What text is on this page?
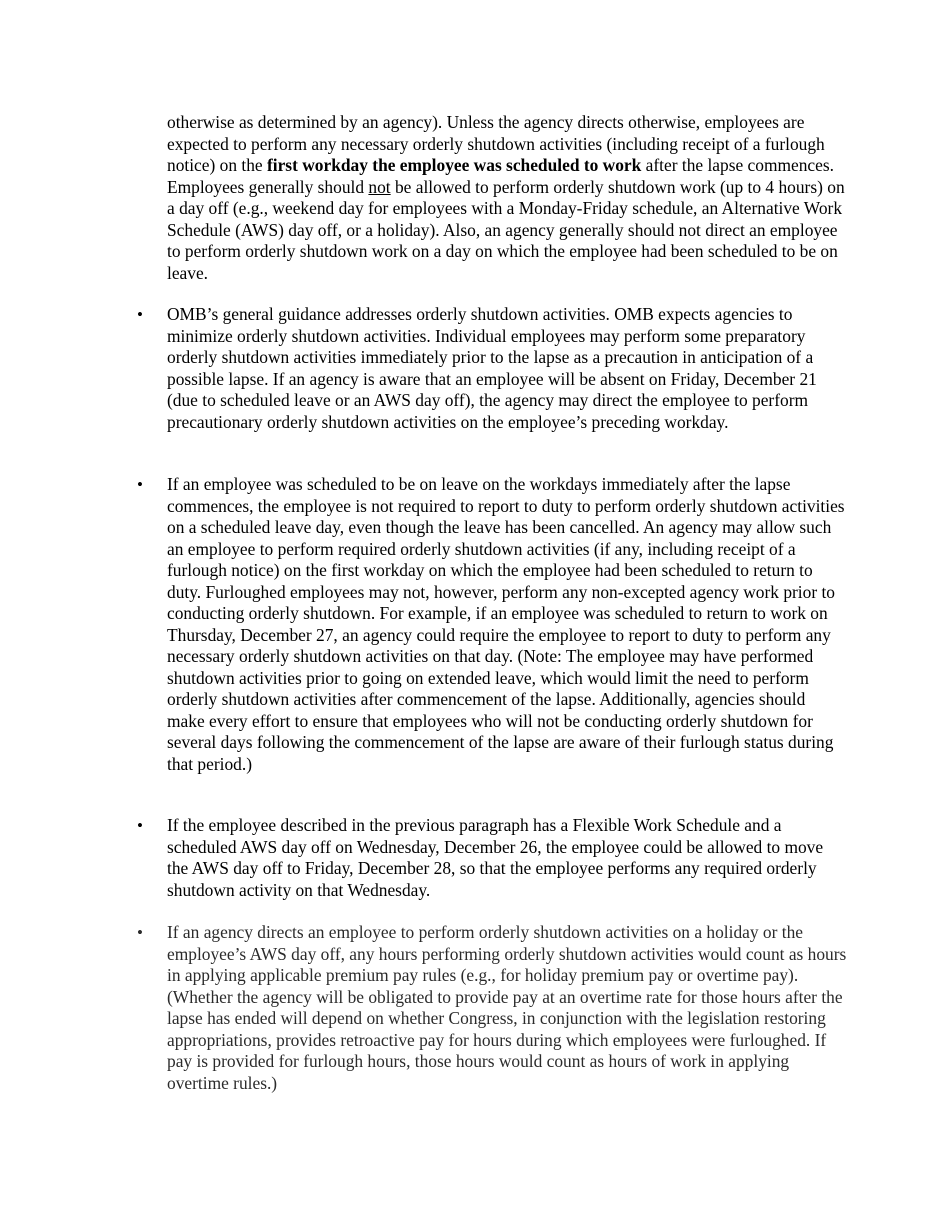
otherwise as determined by an agency). Unless the agency directs otherwise, employees are expected to perform any necessary orderly shutdown activities (including receipt of a furlough notice) on the first workday the employee was scheduled to work after the lapse commences. Employees generally should not be allowed to perform orderly shutdown work (up to 4 hours) on a day off (e.g., weekend day for employees with a Monday-Friday schedule, an Alternative Work Schedule (AWS) day off, or a holiday). Also, an agency generally should not direct an employee to perform orderly shutdown work on a day on which the employee had been scheduled to be on leave.

• OMB’s general guidance addresses orderly shutdown activities. OMB expects agencies to minimize orderly shutdown activities. Individual employees may perform some preparatory orderly shutdown activities immediately prior to the lapse as a precaution in anticipation of a possible lapse. If an agency is aware that an employee will be absent on Friday, December 21 (due to scheduled leave or an AWS day off), the agency may direct the employee to perform precautionary orderly shutdown activities on the employee’s preceding workday.

• If an employee was scheduled to be on leave on the workdays immediately after the lapse commences, the employee is not required to report to duty to perform orderly shutdown activities on a scheduled leave day, even though the leave has been cancelled. An agency may allow such an employee to perform required orderly shutdown activities (if any, including receipt of a furlough notice) on the first workday on which the employee had been scheduled to return to duty. Furloughed employees may not, however, perform any non-excepted agency work prior to conducting orderly shutdown. For example, if an employee was scheduled to return to work on Thursday, December 27, an agency could require the employee to report to duty to perform any necessary orderly shutdown activities on that day. (Note: The employee may have performed shutdown activities prior to going on extended leave, which would limit the need to perform orderly shutdown activities after commencement of the lapse. Additionally, agencies should make every effort to ensure that employees who will not be conducting orderly shutdown for several days following the commencement of the lapse are aware of their furlough status during that period.)

• If the employee described in the previous paragraph has a Flexible Work Schedule and a scheduled AWS day off on Wednesday, December 26, the employee could be allowed to move the AWS day off to Friday, December 28, so that the employee performs any required orderly shutdown activity on that Wednesday.

• If an agency directs an employee to perform orderly shutdown activities on a holiday or the employee’s AWS day off, any hours performing orderly shutdown activities would count as hours in applying applicable premium pay rules (e.g., for holiday premium pay or overtime pay). (Whether the agency will be obligated to provide pay at an overtime rate for those hours after the lapse has ended will depend on whether Congress, in conjunction with the legislation restoring appropriations, provides retroactive pay for hours during which employees were furloughed. If pay is provided for furlough hours, those hours would count as hours of work in applying overtime rules.)
